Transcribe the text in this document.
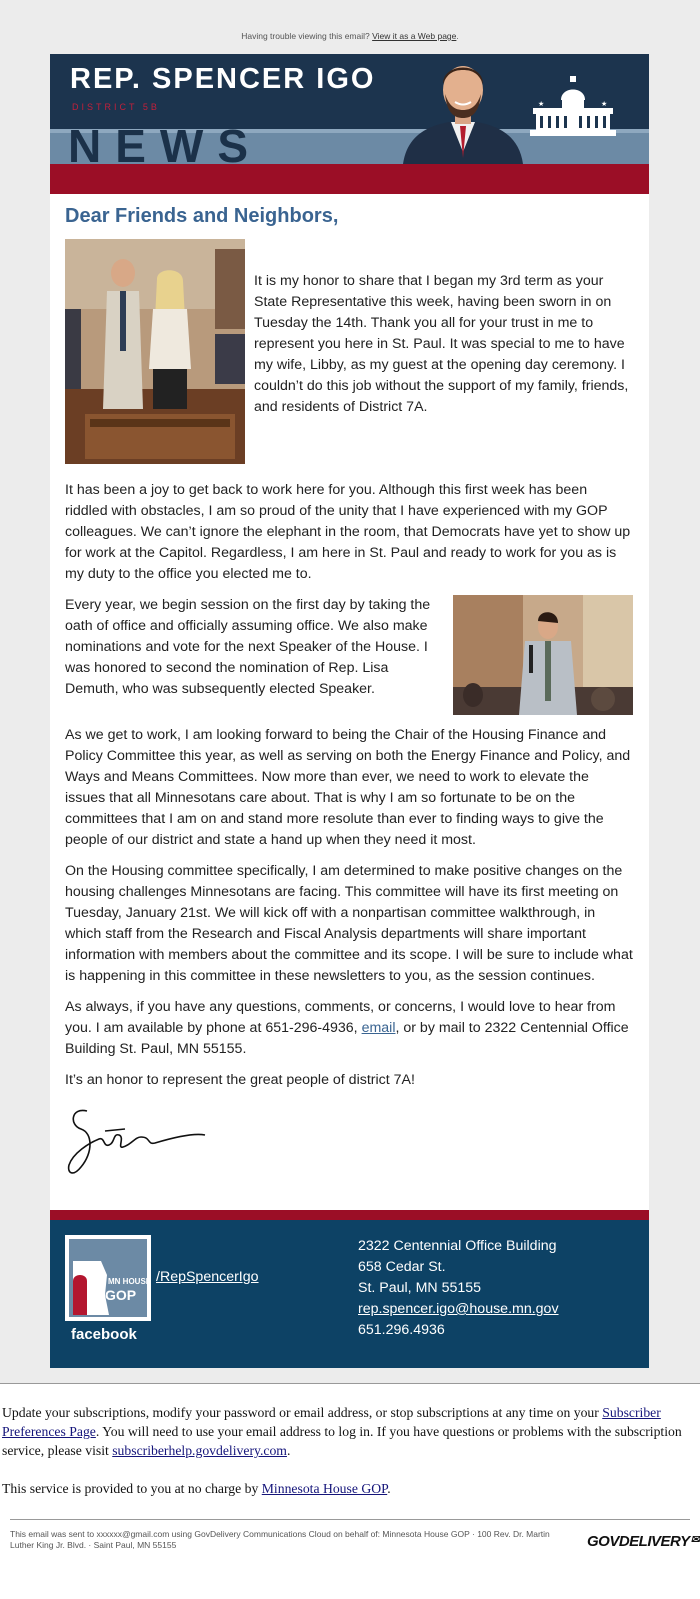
Having trouble viewing this email? View it as a Web page.
NEWS
REP. SPENCER IGO
DISTRICT 5B	★	★
Dear Friends and Neighbors,

It is my honor to share that I began my 3rd term as your State Representative this week, having been sworn in on Tuesday the 14th. Thank you all for your trust in me to represent you here in St. Paul. It was special to me to have my wife, Libby, as my guest at the opening day ceremony. I couldn’t do this job without the support of my family, friends, and residents of District 7A.

It has been a joy to get back to work here for you. Although this first week has been riddled with obstacles, I am so proud of the unity that I have experienced with my GOP colleagues. We can’t ignore the elephant in the room, that Democrats have yet to show up for work at the Capitol. Regardless, I am here in St. Paul and ready to work for you as is my duty to the office you elected me to.

Every year, we begin session on the first day by taking the oath of office and officially assuming office. We also make nominations and vote for the next Speaker of the House. I was honored to second the nomination of Rep. Lisa Demuth, who was subsequently elected Speaker.

As we get to work, I am looking forward to being the Chair of the Housing Finance and Policy Committee this year, as well as serving on both the Energy Finance and Policy, and Ways and Means Committees. Now more than ever, we need to work to elevate the issues that all Minnesotans care about. That is why I am so fortunate to be on the committees that I am on and stand more resolute than ever to finding ways to give the people of our district and state a hand up when they need it most.

On the Housing committee specifically, I am determined to make positive changes on the housing challenges Minnesotans are facing. This committee will have its first meeting on Tuesday, January 21st. We will kick off with a nonpartisan committee walkthrough, in which staff from the Research and Fiscal Analysis departments will share important information with members about the committee and its scope. I will be sure to include what is happening in this committee in these newsletters to you, as the session continues.

As always, if you have any questions, comments, or concerns, I would love to hear from you. I am available by phone at 651-296-4936, email, or by mail to 2322 Centennial Office Building St. Paul, MN 55155.

It’s an honor to represent the great people of district 7A!

MN HOUSE
GOP
facebook
/RepSpencerIgo
2322 Centennial Office Building
658 Cedar St.
St. Paul, MN 55155
rep.spencer.igo@house.mn.gov
651.296.4936

Update your subscriptions, modify your password or email address, or stop subscriptions at any time on your Subscriber Preferences Page. You will need to use your email address to log in. If you have questions or problems with the subscription service, please visit subscriberhelp.govdelivery.com.

This service is provided to you at no charge by Minnesota House GOP.

This email was sent to xxxxxx@gmail.com using GovDelivery Communications Cloud on behalf of: Minnesota House GOP · 100 Rev. Dr. Martin Luther King Jr. Blvd. · Saint Paul, MN 55155	GOVDELIVERY✉
